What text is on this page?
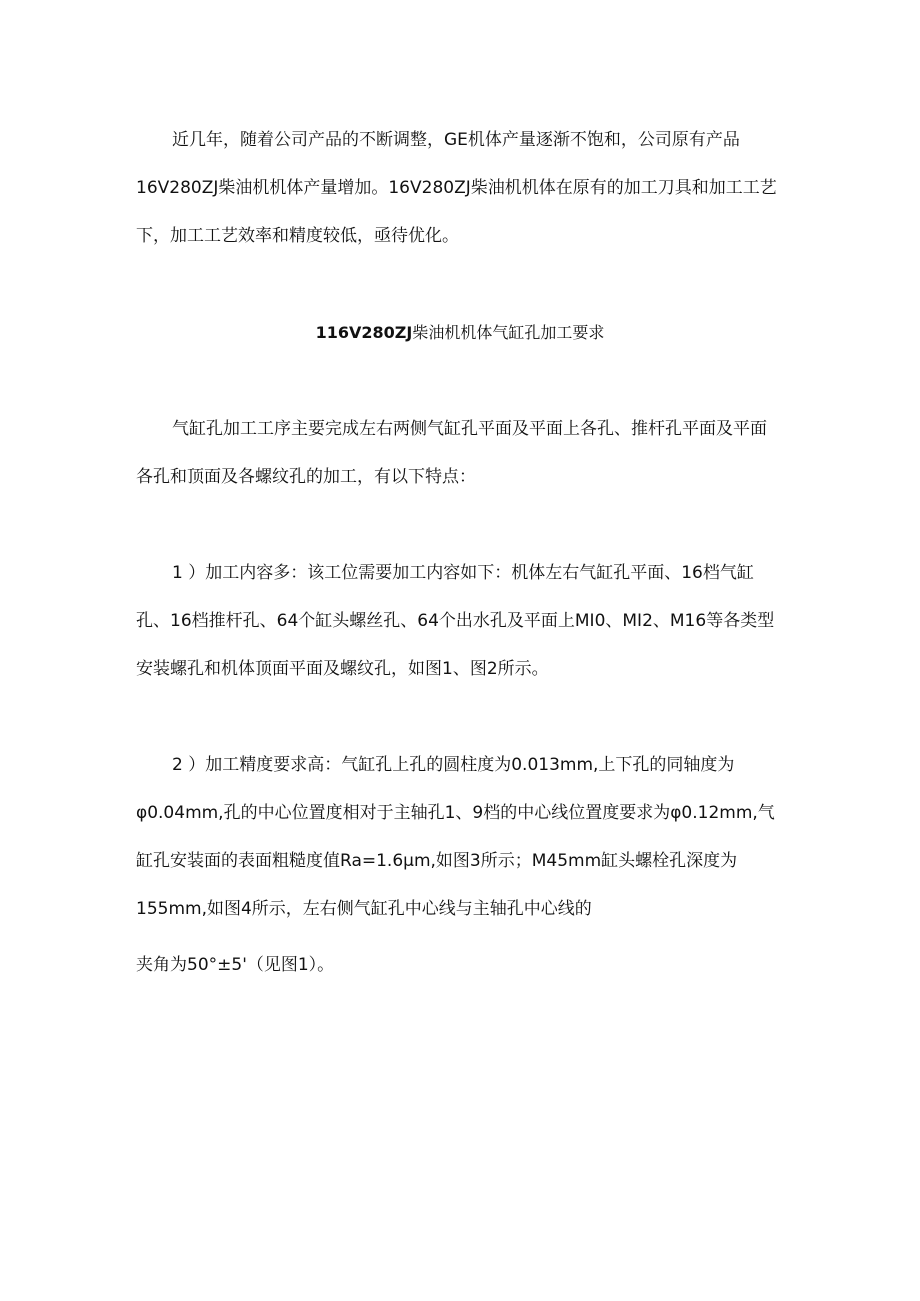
近几年，随着公司产品的不断调整，GE机体产量逐渐不饱和，公司原有产品
16V280ZJ柴油机机体产量增加。16V280ZJ柴油机机体在原有的加工刀具和加工工艺
下，加工工艺效率和精度较低，亟待优化。
116V280ZJ柴油机机体气缸孔加工要求
气缸孔加工工序主要完成左右两侧气缸孔平面及平面上各孔、推杆孔平面及平面
各孔和顶面及各螺纹孔的加工，有以下特点：
1 ）加工内容多：该工位需要加工内容如下：机体左右气缸孔平面、16档气缸
孔、16档推杆孔、64个缸头螺丝孔、64个出水孔及平面上MI0、MI2、M16等各类型
安装螺孔和机体顶面平面及螺纹孔，如图1、图2所示。
2 ）加工精度要求高：气缸孔上孔的圆柱度为0.013mm,上下孔的同轴度为
φ0.04mm,孔的中心位置度相对于主轴孔1、9档的中心线位置度要求为φ0.12mm,气
缸孔安装面的表面粗糙度值Ra=1.6μm,如图3所示；M45mm缸头螺栓孔深度为
155mm,如图4所示，左右侧气缸孔中心线与主轴孔中心线的
夹角为50°±5'（见图1）。
